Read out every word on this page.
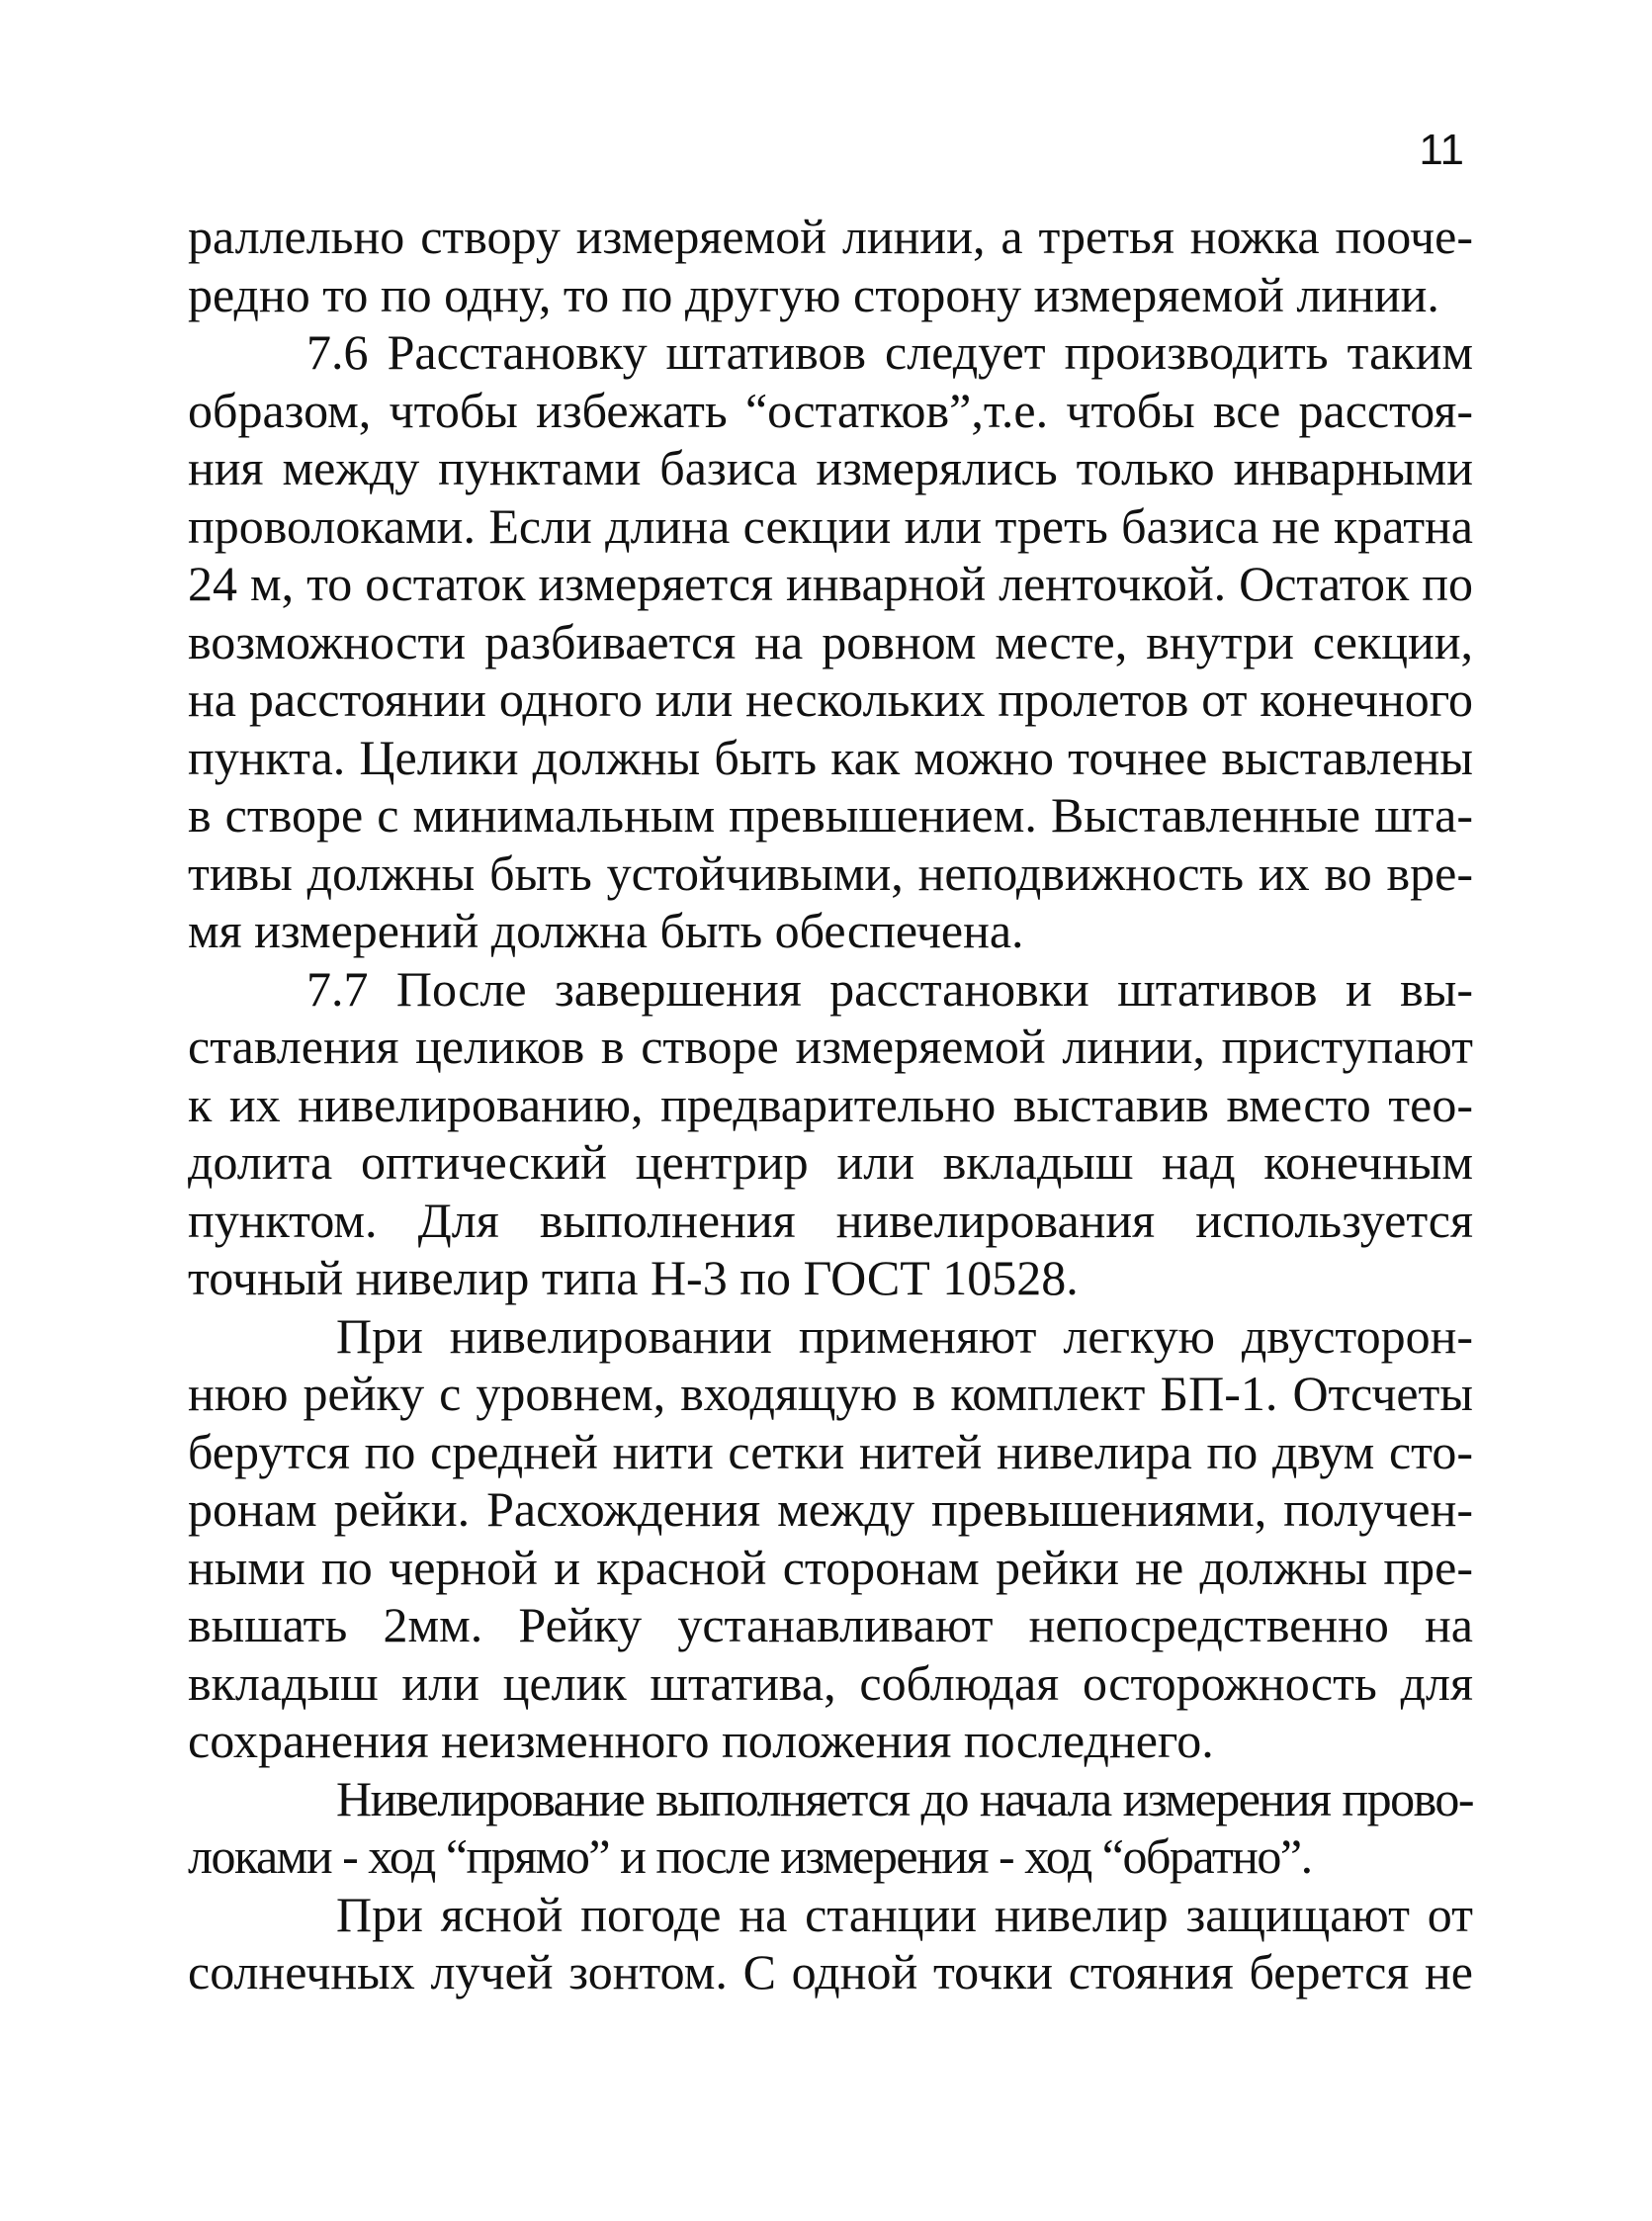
11
раллельно створу измеряемой линии, а третья ножка пооче-
редно то по одну, то по другую сторону измеряемой линии.
7.6 Расстановку штативов следует производить таким
образом, чтобы избежать “остатков”,т.е. чтобы все расстоя-
ния между пунктами базиса измерялись только инварными
проволоками. Если длина секции или треть базиса не кратна
24 м, то остаток измеряется инварной ленточкой. Остаток по
возможности разбивается на ровном месте, внутри секции,
на расстоянии одного или нескольких пролетов от конечного
пункта. Целики должны быть как можно точнее выставлены
в створе с минимальным превышением. Выставленные шта-
тивы должны быть устойчивыми, неподвижность их во вре-
мя измерений должна быть обеспечена.
7.7 После завершения расстановки штативов и вы-
ставления целиков в створе измеряемой линии, приступают
к их нивелированию, предварительно выставив вместо тео-
долита оптический центрир или вкладыш над конечным
пунктом. Для выполнения нивелирования используется
точный нивелир типа Н-3 по ГОСТ 10528.
При нивелировании применяют легкую двусторон-
нюю рейку с уровнем, входящую в комплект БП-1. Отсчеты
берутся по средней нити сетки нитей нивелира по двум сто-
ронам рейки. Расхождения между превышениями, получен-
ными по черной и красной сторонам рейки не должны пре-
вышать 2мм. Рейку устанавливают непосредственно на
вкладыш или целик штатива, соблюдая осторожность для
сохранения неизменного положения последнего.
Нивелирование выполняется до начала измерения прово-
локами - ход “прямо” и после измерения - ход “обратно”.
При ясной погоде на станции нивелир защищают от
солнечных лучей зонтом. С одной точки стояния берется не
